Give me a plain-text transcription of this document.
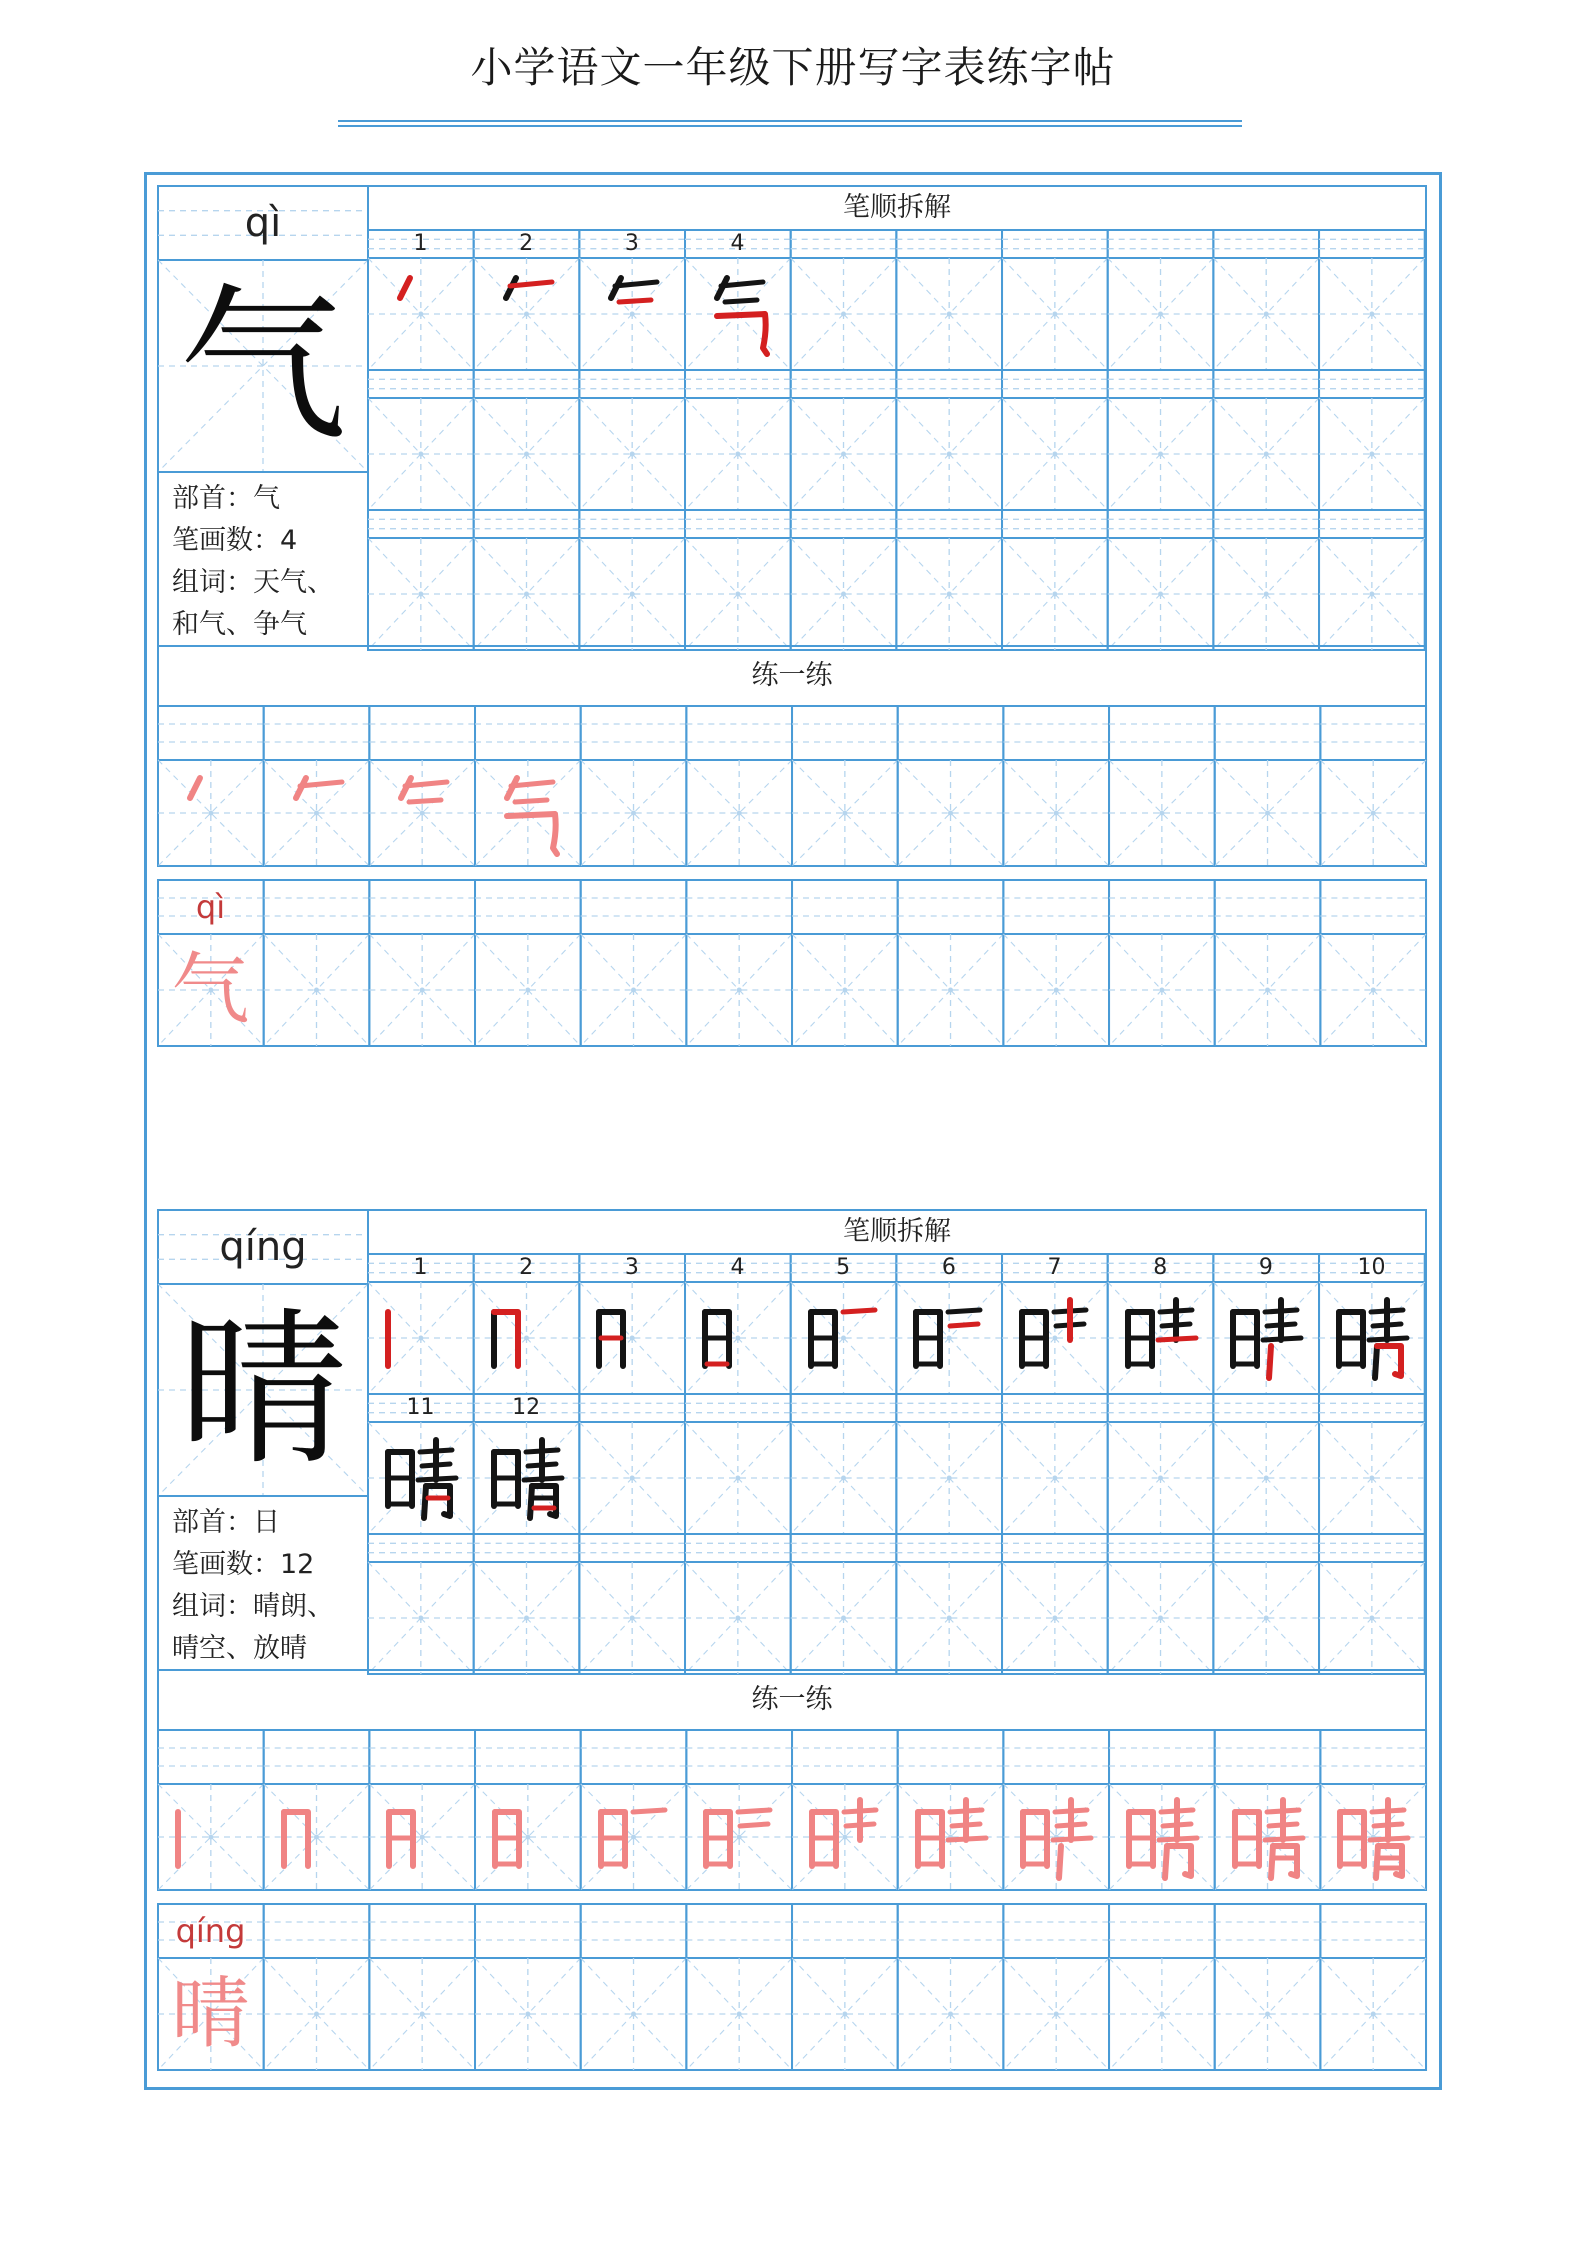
小学语文一年级下册写字表练字帖
qì
气
部首：气
笔画数：4
组词：天气、
和气、争气
笔顺拆解
1	2	3	4
练一练
qì
气
qíng
晴
部首：日
笔画数：12
组词：晴朗、
晴空、放晴
笔顺拆解
1	2	3	4	5	6	7	8	9	10
11	12
练一练
qíng
晴
